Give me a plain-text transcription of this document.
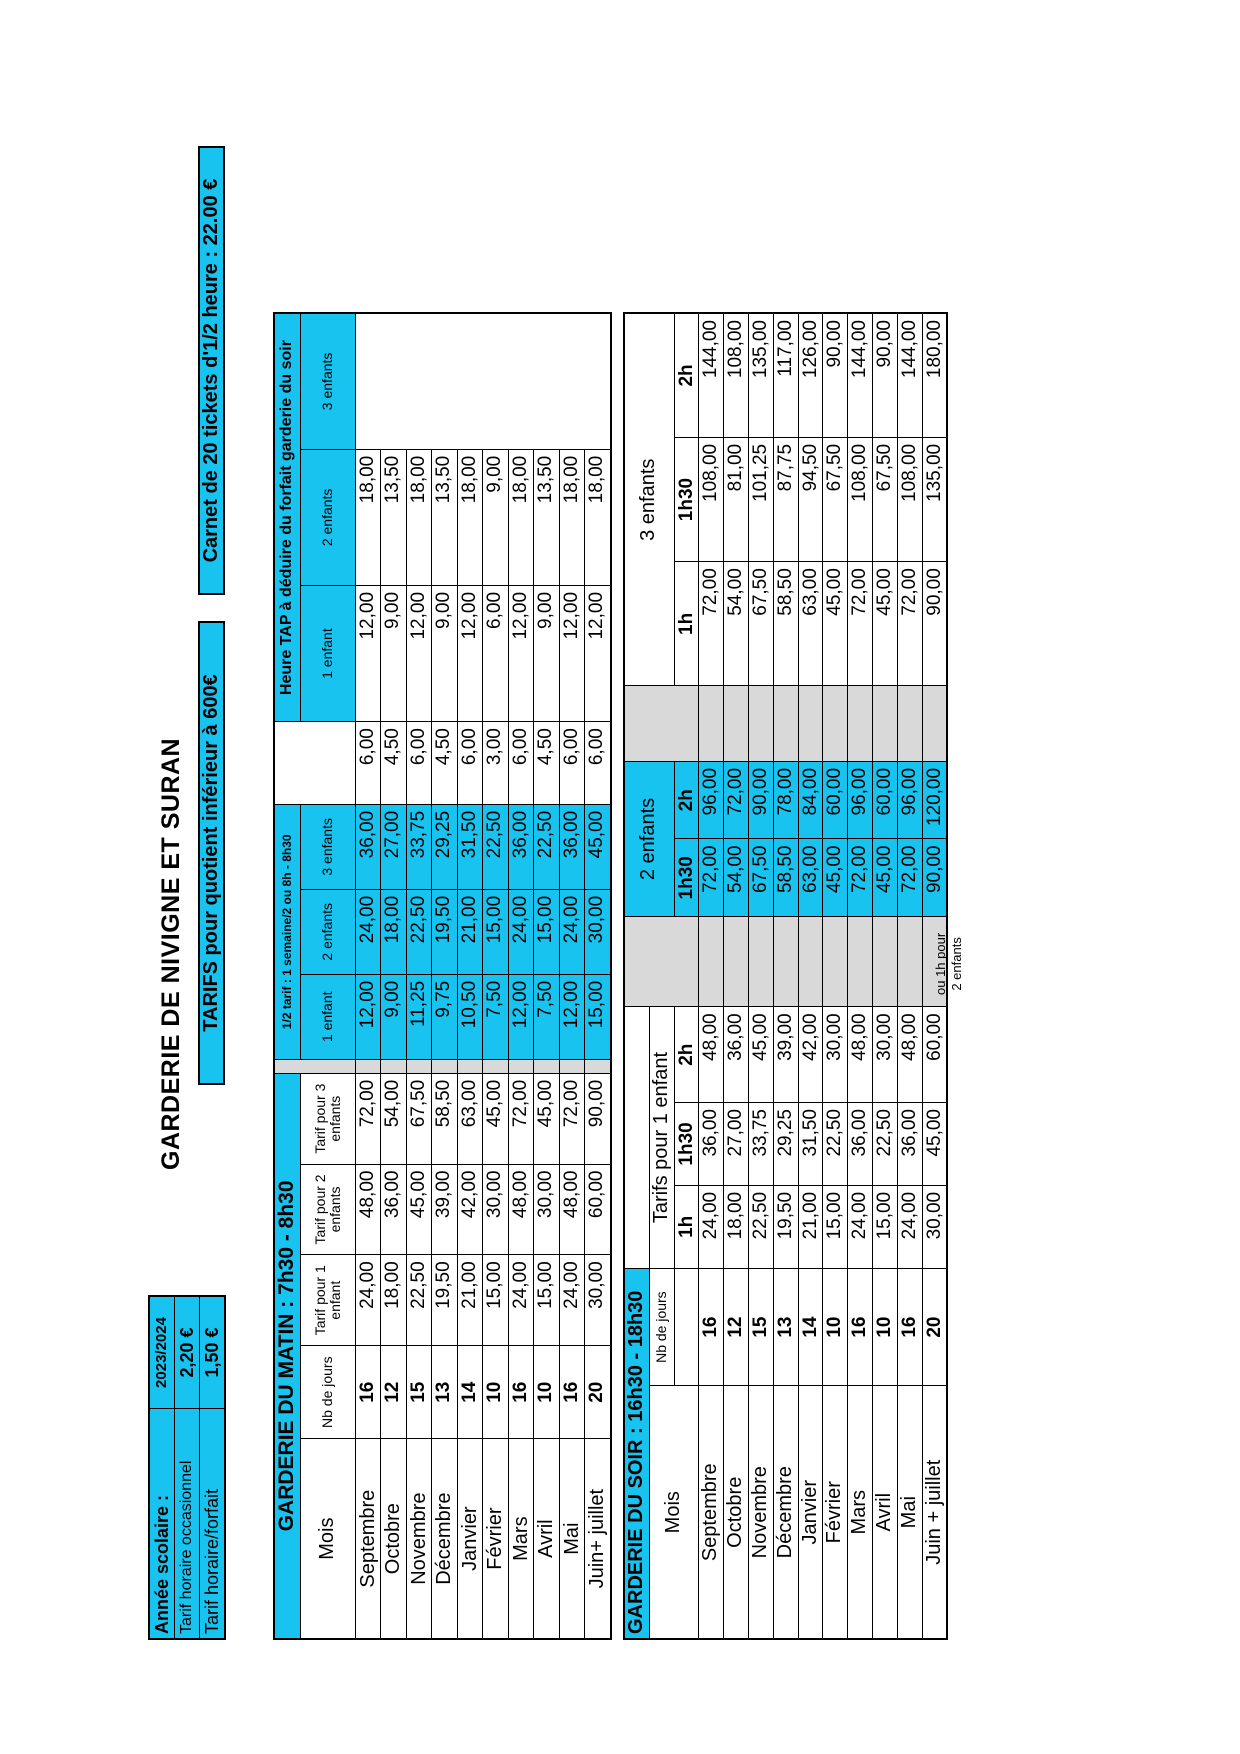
Année scolaire :	2023/2024
Tarif horaire occasionnel	2,20 €
Tarif horaire/forfait	1,50 €
GARDERIE DE NIVIGNE ET SURAN TARIFS pour quotient inférieur à 600€
Carnet de 20 tickets d'1/2 heure : 22.00 €
GARDERIE DU MATIN : 7h30 - 8h30						1/2 tarif : 1 semaine/2 ou 8h - 8h30				Heure TAP à déduire du forfait garderie du soir		
Mois	Nb de jours	Tarif pour 1 enfant	Tarif pour 2 enfants	Tarif pour 3 enfants		1 enfant	2 enfants	3 enfants		1 enfant	2 enfants	3 enfants
Septembre	16	24,00	48,00	72,00		12,00	24,00	36,00	6,00	12,00	18,00	
Octobre	12	18,00	36,00	54,00		9,00	18,00	27,00	4,50	9,00	13,50	
Novembre	15	22,50	45,00	67,50		11,25	22,50	33,75	6,00	12,00	18,00	
Décembre	13	19,50	39,00	58,50		9,75	19,50	29,25	4,50	9,00	13,50	
Janvier	14	21,00	42,00	63,00		10,50	21,00	31,50	6,00	12,00	18,00	
Février	10	15,00	30,00	45,00		7,50	15,00	22,50	3,00	6,00	9,00	
Mars	16	24,00	48,00	72,00		12,00	24,00	36,00	6,00	12,00	18,00	
Avril	10	15,00	30,00	45,00		7,50	15,00	22,50	4,50	9,00	13,50	
Mai	16	24,00	48,00	72,00		12,00	24,00	36,00	6,00	12,00	18,00	
Juin+ juillet	20	30,00	60,00	90,00		15,00	30,00	45,00	6,00	12,00	18,00	
GARDERIE DU SOIR : 16h30 - 18h30						2 enfants			3 enfants		
Mois	Nb de jours	Tarifs pour 1 enfant									
		1h	1h30	2h		1h30	2h		1h	1h30	2h
Septembre	16	24,00	36,00	48,00		72,00	96,00		72,00	108,00	144,00
Octobre	12	18,00	27,00	36,00		54,00	72,00		54,00	81,00	108,00
Novembre	15	22,50	33,75	45,00		67,50	90,00		67,50	101,25	135,00
Décembre	13	19,50	29,25	39,00		58,50	78,00		58,50	87,75	117,00
Janvier	14	21,00	31,50	42,00		63,00	84,00		63,00	94,50	126,00
Février	10	15,00	22,50	30,00		45,00	60,00		45,00	67,50	90,00
Mars	16	24,00	36,00	48,00		72,00	96,00		72,00	108,00	144,00
Avril	10	15,00	22,50	30,00		45,00	60,00		45,00	67,50	90,00
Mai	16	24,00	36,00	48,00		72,00	96,00		72,00	108,00	144,00
Juin + juillet	20	30,00	45,00	60,00		90,00	120,00		90,00	135,00	180,00
ou 1h pour 2 enfants
